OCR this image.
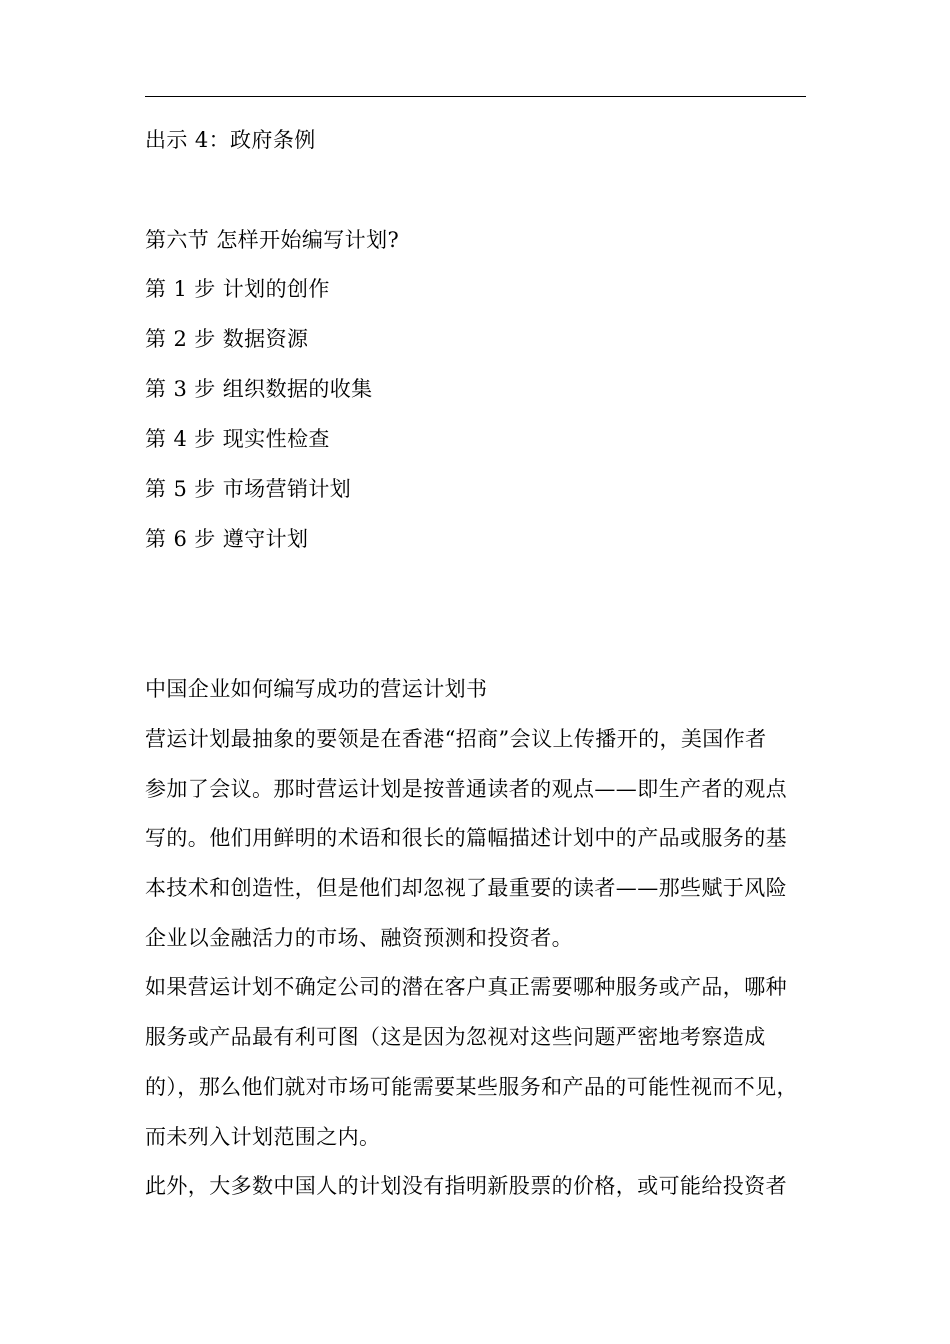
出示 4：政府条例
第六节 怎样开始编写计划?
第 1 步 计划的创作
第 2 步 数据资源
第 3 步 组织数据的收集
第 4 步 现实性检查
第 5 步 市场营销计划
第 6 步 遵守计划
中国企业如何编写成功的营运计划书
营运计划最抽象的要领是在香港“招商”会议上传播开的，美国作者
参加了会议。那时营运计划是按普通读者的观点——即生产者的观点
写的。他们用鲜明的术语和很长的篇幅描述计划中的产品或服务的基
本技术和创造性，但是他们却忽视了最重要的读者——那些赋于风险
企业以金融活力的市场、融资预测和投资者。
如果营运计划不确定公司的潜在客户真正需要哪种服务或产品，哪种
服务或产品最有利可图（这是因为忽视对这些问题严密地考察造成
的），那么他们就对市场可能需要某些服务和产品的可能性视而不见，
而未列入计划范围之内。
此外，大多数中国人的计划没有指明新股票的价格，或可能给投资者
